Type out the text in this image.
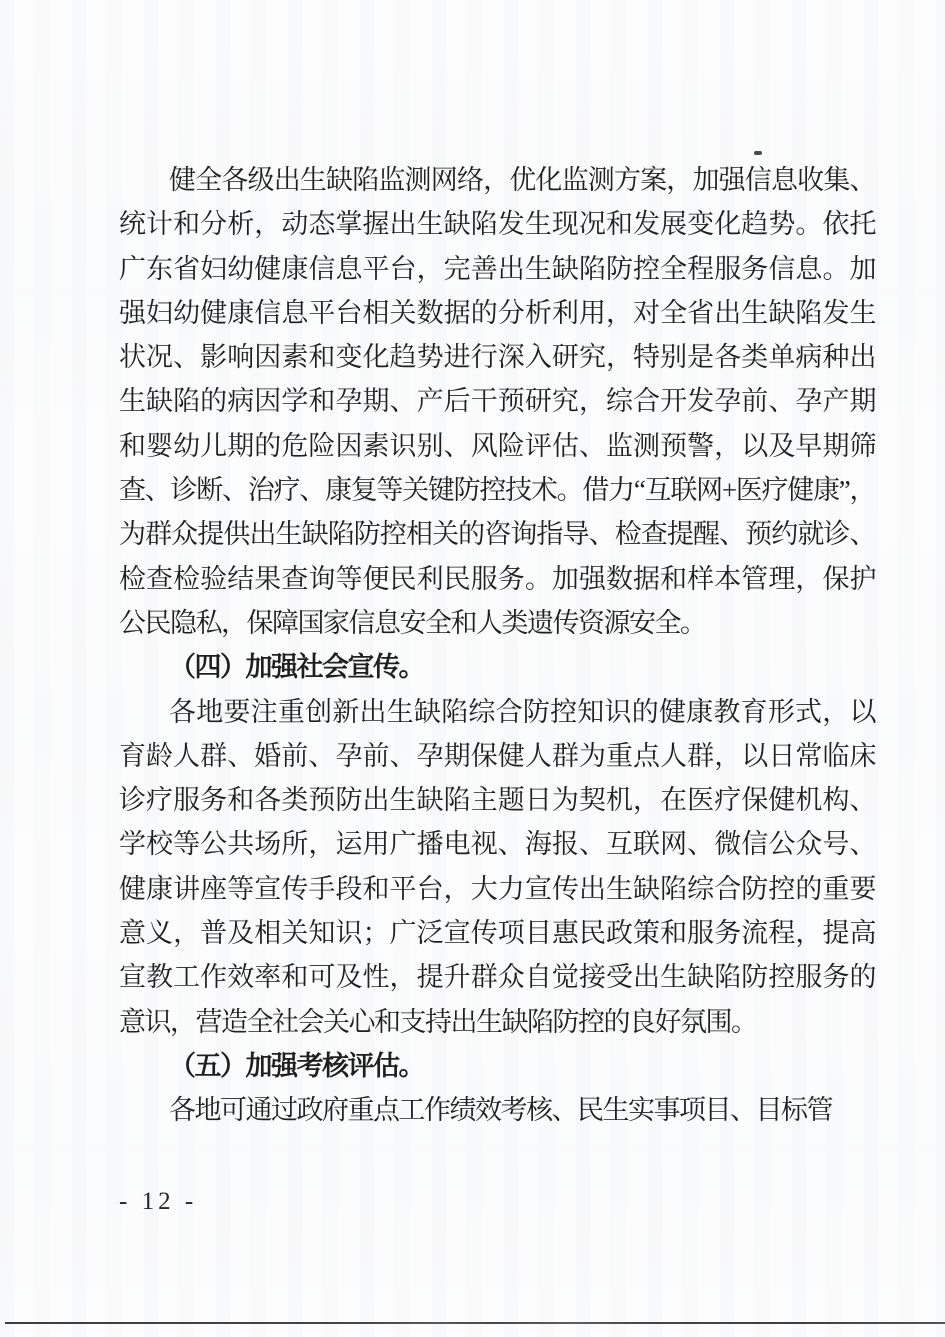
健全各级出生缺陷监测网络，优化监测方案，加强信息收集、
统计和分析，动态掌握出生缺陷发生现况和发展变化趋势。依托
广东省妇幼健康信息平台，完善出生缺陷防控全程服务信息。加
强妇幼健康信息平台相关数据的分析利用，对全省出生缺陷发生
状况、影响因素和变化趋势进行深入研究，特别是各类单病种出
生缺陷的病因学和孕期、产后干预研究，综合开发孕前、孕产期
和婴幼儿期的危险因素识别、风险评估、监测预警，以及早期筛
查、诊断、治疗、康复等关键防控技术。借力“互联网+医疗健康”，
为群众提供出生缺陷防控相关的咨询指导、检查提醒、预约就诊、
检查检验结果查询等便民利民服务。加强数据和样本管理，保护
公民隐私，保障国家信息安全和人类遗传资源安全。
（四）加强社会宣传。
各地要注重创新出生缺陷综合防控知识的健康教育形式，以
育龄人群、婚前、孕前、孕期保健人群为重点人群，以日常临床
诊疗服务和各类预防出生缺陷主题日为契机，在医疗保健机构、
学校等公共场所，运用广播电视、海报、互联网、微信公众号、
健康讲座等宣传手段和平台，大力宣传出生缺陷综合防控的重要
意义，普及相关知识；广泛宣传项目惠民政策和服务流程，提高
宣教工作效率和可及性，提升群众自觉接受出生缺陷防控服务的
意识，营造全社会关心和支持出生缺陷防控的良好氛围。
（五）加强考核评估。
各地可通过政府重点工作绩效考核、民生实事项目、目标管
- 12 -
